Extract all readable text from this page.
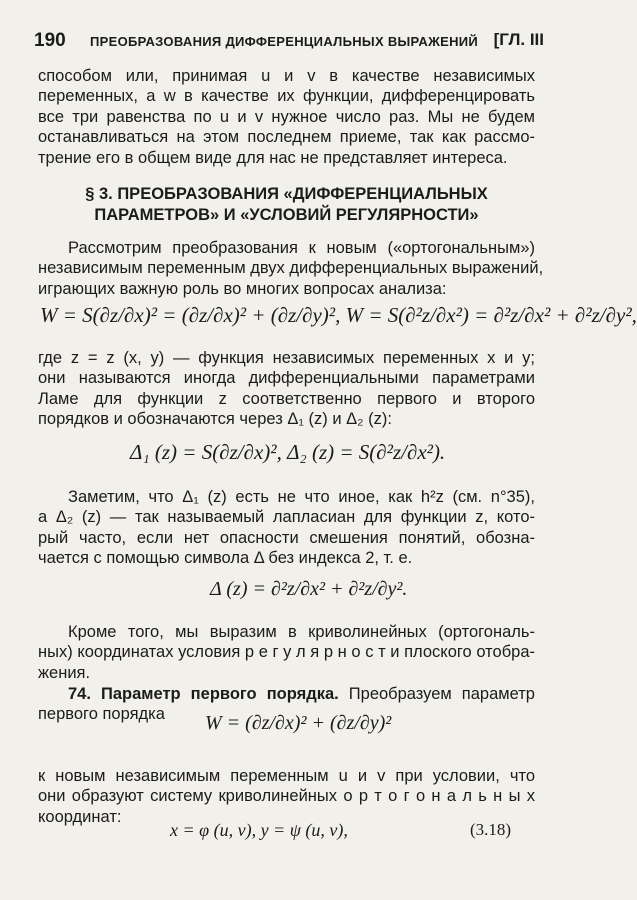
190 ПРЕОБРАЗОВАНИЯ ДИФФЕРЕНЦИАЛЬНЫХ ВЫРАЖЕНИЙ [ГЛ. III
способом или, принимая u и v в качестве независимых
переменных, а w в качестве их функции, дифференцировать
все три равенства по u и v нужное число раз. Мы не будем
останавливаться на этом последнем приеме, так как рассмо-
трение его в общем виде для нас не представляет интереса.
§ 3. ПРЕОБРАЗОВАНИЯ «ДИФФЕРЕНЦИАЛЬНЫХ
ПАРАМЕТРОВ» И «УСЛОВИЙ РЕГУЛЯРНОСТИ»
Рассмотрим преобразования к новым («ортогональным»)
независимым переменным двух дифференциальных выражений,
играющих важную роль во многих вопросах анализа:
W = S(∂z/∂x)² = (∂z/∂x)² + (∂z/∂y)², W = S(∂²z/∂x²) = ∂²z/∂x² + ∂²z/∂y²,
где z = z (x, y) — функция независимых переменных x и y;
они называются иногда дифференциальными параметрами
Ламе для функции z соответственно первого и второго
порядков и обозначаются через Δ₁ (z) и Δ₂ (z):
Δ₁ (z) = S(∂z/∂x)², Δ₂ (z) = S(∂²z/∂x²).
Заметим, что Δ₁ (z) есть не что иное, как h²z (см. n°35),
а Δ₂ (z) — так называемый лапласиан для функции z, кото-
рый часто, если нет опасности смешения понятий, обозна-
чается с помощью символа Δ без индекса 2, т. е.
Δ (z) = ∂²z/∂x² + ∂²z/∂y².
Кроме того, мы выразим в криволинейных (ортогональ-
ных) координатах условия р е г у л я р н о с т и плоского отобра-
жения.
74. Параметр первого порядка. Преобразуем параметр
первого порядка	W = (∂z/∂x)² + (∂z/∂y)²
к новым независимым переменным u и v при условии, что
они образуют систему криволинейных о р т о г о н а л ь н ы х
координат:
x = φ (u, v), y = ψ (u, v),	(3.18)
